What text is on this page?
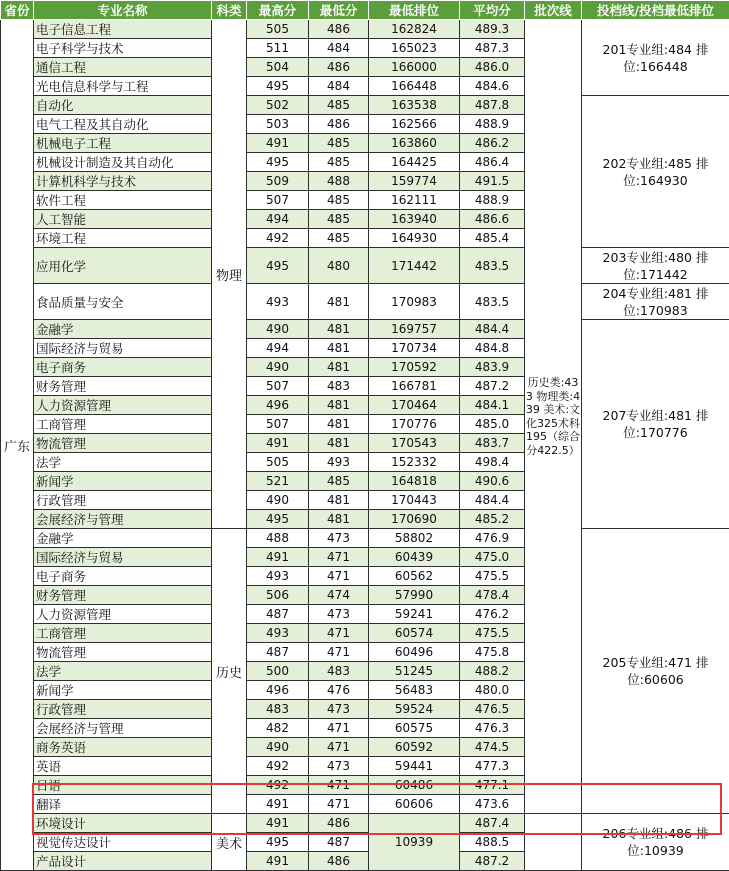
省份	专业名称	科类	最高分	最低分	最低排位	平均分	批次线	投档线/投档最低排位
广东	电子信息工程	物理	505	486	162824	489.3	历史类:433 物理类:439 美术:文化325术科195（综合分422.5）	201专业组:484 排位:166448
	电子科学与技术		511	484	165023	487.3		
	通信工程		504	486	166000	486.0		
	光电信息科学与工程		495	484	166448	484.6		
	自动化		502	485	163538	487.8		202专业组:485 排位:164930
	电气工程及其自动化		503	486	162566	488.9		
	机械电子工程		491	485	163860	486.2		
	机械设计制造及其自动化		495	485	164425	486.4		
	计算机科学与技术		509	488	159774	491.5		
	软件工程		507	485	162111	488.9		
	人工智能		494	485	163940	486.6		
	环境工程		492	485	164930	485.4		
	应用化学		495	480	171442	483.5		203专业组:480 排位:171442
	食品质量与安全		493	481	170983	483.5		204专业组:481 排位:170983
	金融学		490	481	169757	484.4		207专业组:481 排位:170776
	国际经济与贸易		494	481	170734	484.8		
	电子商务		490	481	170592	483.9		
	财务管理		507	483	166781	487.2		
	人力资源管理		496	481	170464	484.1		
	工商管理		507	481	170776	485.0		
	物流管理		491	481	170543	483.7		
	法学		505	493	152332	498.4		
	新闻学		521	485	164818	490.6		
	行政管理		490	481	170443	484.4		
	会展经济与管理		495	481	170690	485.2		
	金融学	历史	488	473	58802	476.9		205专业组:471 排位:60606
	国际经济与贸易		491	471	60439	475.0		
	电子商务		493	471	60562	475.5		
	财务管理		506	474	57990	478.4		
	人力资源管理		487	473	59241	476.2		
	工商管理		493	471	60574	475.5		
	物流管理		487	471	60496	475.8		
	法学		500	483	51245	488.2		
	新闻学		496	476	56483	480.0		
	行政管理		483	473	59524	476.5		
	会展经济与管理		482	471	60575	476.3		
	商务英语		490	471	60592	474.5		
	英语		492	473	59441	477.3		
	日语		492	471	60486	477.1		
	翻译		491	471	60606	473.6		
	环境设计	美术	491	486	10939	487.4		206专业组:486 排位:10939
	视觉传达设计		495	487		488.5		
	产品设计		491	486		487.2		
